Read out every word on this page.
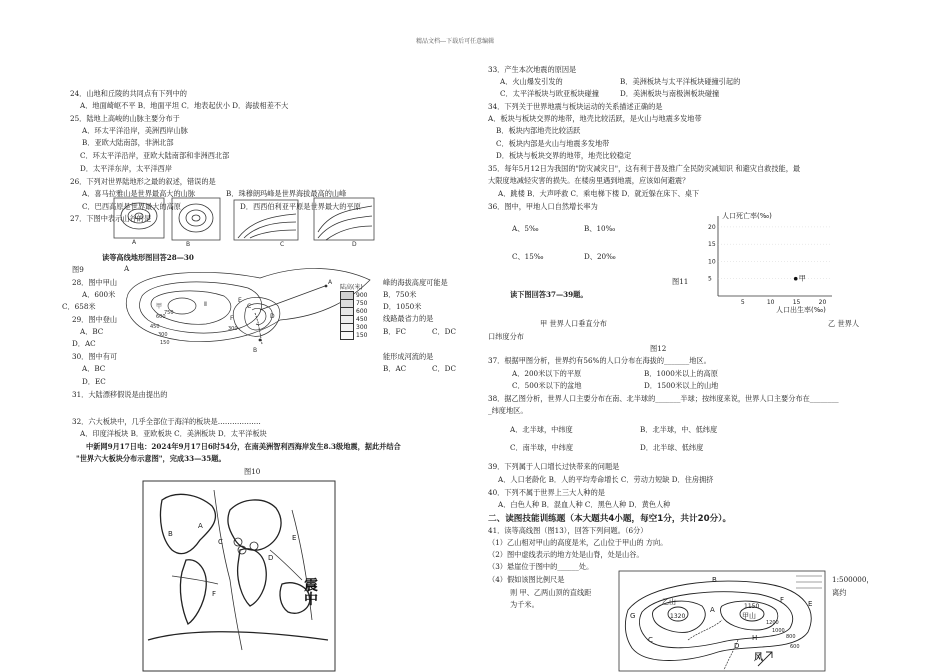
精品文档---下载后可任意编辑
24．山地和丘陵的共同点有下列中的
A．地面崎岖不平 B．地面平坦 C．地表起伏小 D．海拔相差不大
25．陆地上高峻的山脉主要分布于
A．环太平洋沿岸，美洲西岸山脉
B．亚欧大陆南部，非洲北部
C．环太平洋沿岸，亚欧大陆南部和非洲西北部
D．太平洋东岸，太平洋西岸
26．下列对世界陆地形之最的叙述，错误的是
A．喜马拉雅山是世界最高大的山脉	B．珠穆朗玛峰是世界海拔最高的山峰
C．巴西高原是世界最大的高原	D．西西伯利亚平原是世界最大的平原
27．下图中表示山谷的是
A	B	C	D
读等高线地形图回答28—30
图9	A
甲	Ⅱ	C
B
A
E
D
F
600
450
750
300
150
300
陆高(米)
900
750
600
450
300
150
28．图中甲山	峰的海拔高度可能是
A．600米	B．750米
C．658米	D．1050米
29．图中登山	线路最省力的是
A．BC	B．FC	C．DC
D．AC
30．图中有可	能形成河流的是
A．BC	B．AC	C．DC
D．EC
31．大陆漂移假说是由提出的
32．六大板块中，几乎全部位于海洋的板块是………………
A．印度洋板块 B．亚欧板块 C．美洲板块 D．太平洋板块
中新网9月17日电：2024年9月17日6时54分，在南美洲智利西海岸发生8.3级地震，据此并结合
"世界六大板块分布示意图"，完成33—35题。
图10
A
B
C
D
E
F	震
中
33．产生本次地震的原因是
A．火山爆发引发的	B．美洲板块与太平洋板块碰撞引起的
C．太平洋板块与欧亚板块碰撞	D．美洲板块与南极洲板块碰撞
34．下列关于世界地震与板块运动的关系描述正确的是
A．板块与板块交界的地带，地壳比较活跃，是火山与地震多发地带
B．板块内部地壳比较活跃
C．板块内部是火山与地震多发地带
D．板块与板块交界的地带，地壳比较稳定
35．每年5月12日为我国的"防灾减灾日"，这有利于普及推广全民防灾减知识 和避灾自救技能，最
大限度地减轻灾害的损失。在楼房里遇到地震，应该如何避震？
A．跳楼 B．大声呼救 C．乘电梯下楼 D．就近躲在床下、桌下
36．图中，甲地人口自然增长率为
A、5‰	B、10‰
C、15‰	D、20‰
图11
人口死亡率(‰)
人口出生率(‰)
5	10	15	20
5
10
15
20
甲
读下图回答37—39题。
甲 世界人口垂直分布	乙 世界人
口纬度分布
图12
37．根据甲图分析，世界约有56%的人口分布在海拔的_______地区。
A．200米以下的平原	B．1000米以上的高原
C．500米以下的盆地	D．1500米以上的山地
38．据乙图分析，世界人口主要分布在南、北半球的_______半球；按纬度来说，世界人口主要分布在________
_纬度地区。
A．北半球，中纬度	B．北半球，中、低纬度
C．南半球，中纬度	D．北半球、低纬度
39．下列属于人口增长过快带来的问题是
A．人口老龄化 B．人的平均寿命增长 C．劳动力短缺 D．住房拥挤
40．下列不属于世界上三大人种的是
A．白色人种 B．混血人种 C．黑色人种 D．黄色人种
二、读图技能训练题（本大题共4小题，每空1分，共计20分）。
41．读等高线图（图13），回答下列问题。（6分）
（1）乙山相对甲山的高度是米，乙山位于甲山的 方向。
（2）图中虚线表示的地方处是山脊，处是山谷。
（3）悬崖位于图中的______处。
（4）假如该图比例尺是
则 甲、乙两山顶的直线距
为千米。
1:500000，
离约
乙山
1320
A	1150
甲山
B
C
D
E
F
G
H
风
1200
1000
800
600
